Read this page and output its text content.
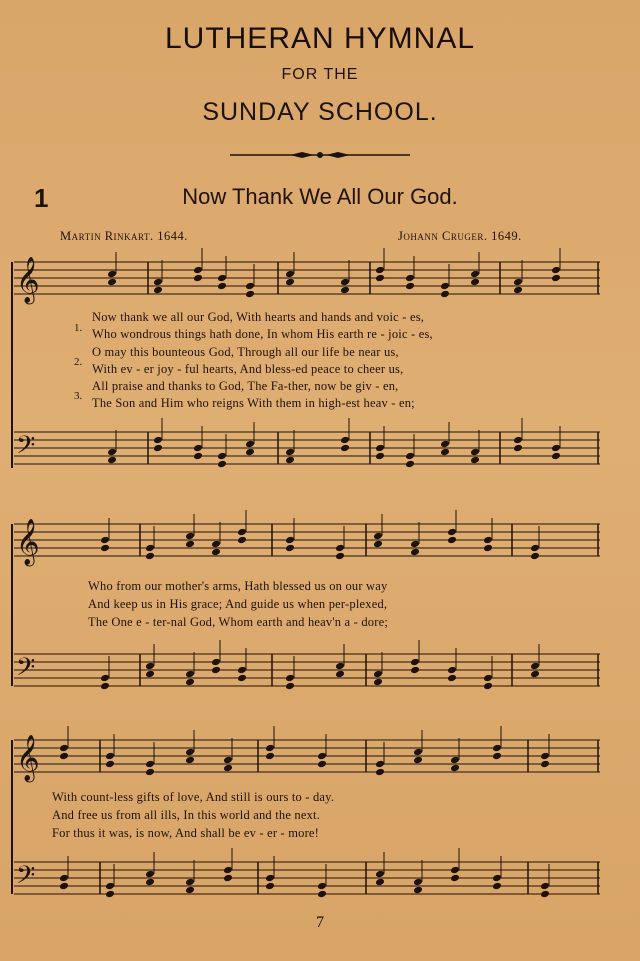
LUTHERAN HYMNAL
FOR THE
SUNDAY SCHOOL.
1	Now Thank We All Our God.
Martin Rinkart. 1644.	Johann Cruger. 1649.
𝄞
𝄢
𝄞
𝄢
𝄞
𝄢
1.
2.
3.
Now thank we all our God, With hearts and hands and voic - es,
Who wondrous things hath done, In whom His earth re - joic - es,
O may this bounteous God, Through all our life be near us,
With ev - er joy - ful hearts, And bless-ed peace to cheer us,
All praise and thanks to God, The Fa-ther, now be giv - en,
The Son and Him who reigns With them in high-est heav - en;
Who from our mother's arms, Hath blessed us on our way
And keep us in His grace; And guide us when per-plexed,
The One e - ter-nal God, Whom earth and heav'n a - dore;
With count-less gifts of love, And still is ours to - day.
And free us from all ills, In this world and the next.
For thus it was, is now, And shall be ev - er - more!
7
